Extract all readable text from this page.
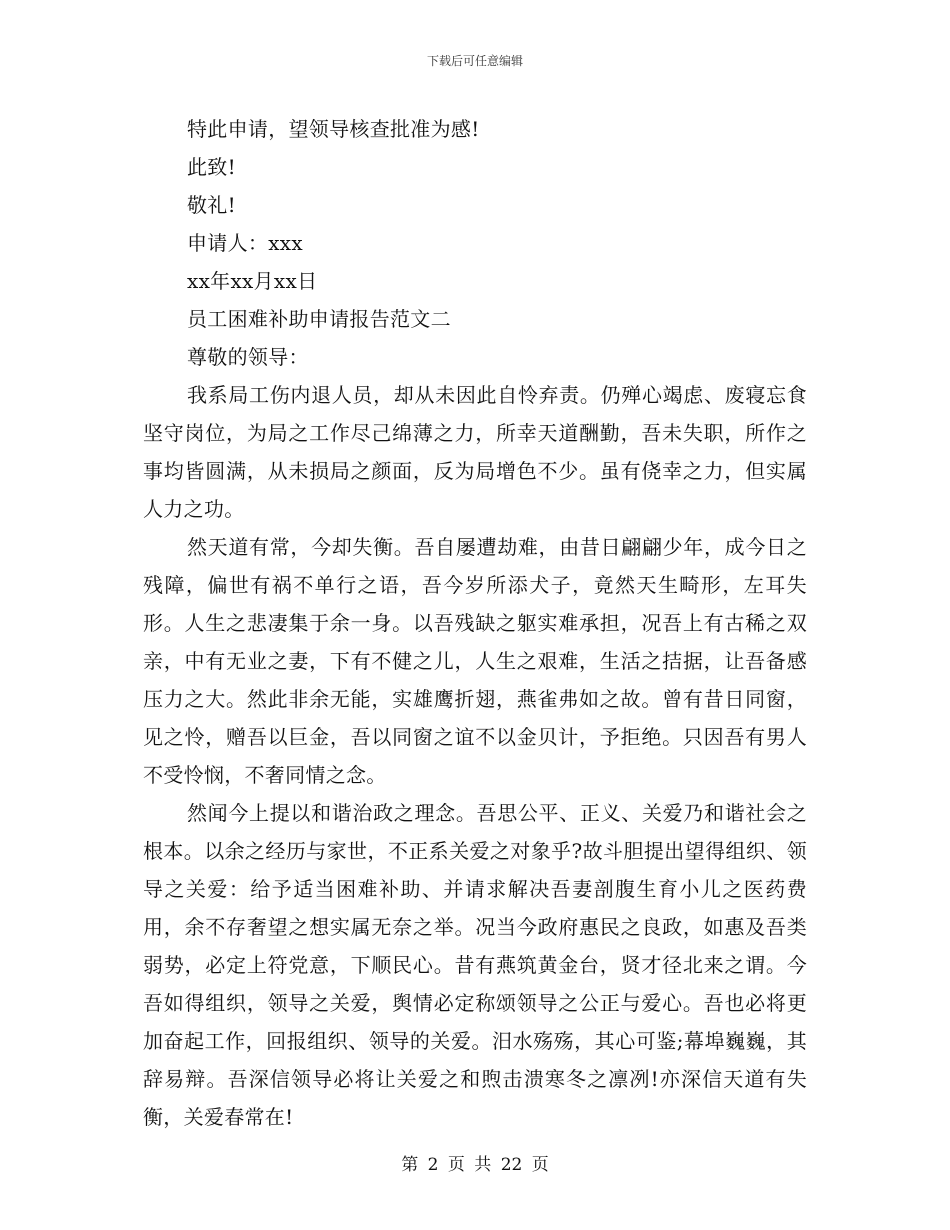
下载后可任意编辑

特此申请，望领导核查批准为感!

此致!

敬礼!

申请人：xxx

xx年xx月xx日

员工困难补助申请报告范文二

尊敬的领导：

我系局工伤内退人员，却从未因此自怜弃责。仍殚心竭虑、废寝忘食坚守岗位，为局之工作尽己绵薄之力，所幸天道酬勤，吾未失职，所作之事均皆圆满，从未损局之颜面，反为局增色不少。虽有侥幸之力，但实属人力之功。

然天道有常，今却失衡。吾自屡遭劫难，由昔日翩翩少年，成今日之残障，偏世有祸不单行之语，吾今岁所添犬子，竟然天生畸形，左耳失形。人生之悲凄集于余一身。以吾残缺之躯实难承担，况吾上有古稀之双亲，中有无业之妻，下有不健之儿，人生之艰难，生活之拮据，让吾备感压力之大。然此非余无能，实雄鹰折翅，燕雀弗如之故。曾有昔日同窗，见之怜，赠吾以巨金，吾以同窗之谊不以金贝计，予拒绝。只因吾有男人不受怜悯，不奢同情之念。

然闻今上提以和谐治政之理念。吾思公平、正义、关爱乃和谐社会之根本。以余之经历与家世，不正系关爱之对象乎?故斗胆提出望得组织、领导之关爱：给予适当困难补助、并请求解决吾妻剖腹生育小儿之医药费用，余不存奢望之想实属无奈之举。况当今政府惠民之良政，如惠及吾类弱势，必定上符党意，下顺民心。昔有燕筑黄金台，贤才径北来之谓。今吾如得组织，领导之关爱，舆情必定称颂领导之公正与爱心。吾也必将更加奋起工作，回报组织、领导的关爱。汨水殇殇，其心可鉴;幕埠巍巍，其辞易辩。吾深信领导必将让关爱之和煦击溃寒冬之凛冽!亦深信天道有失衡，关爱春常在!

第 2 页 共 22 页
